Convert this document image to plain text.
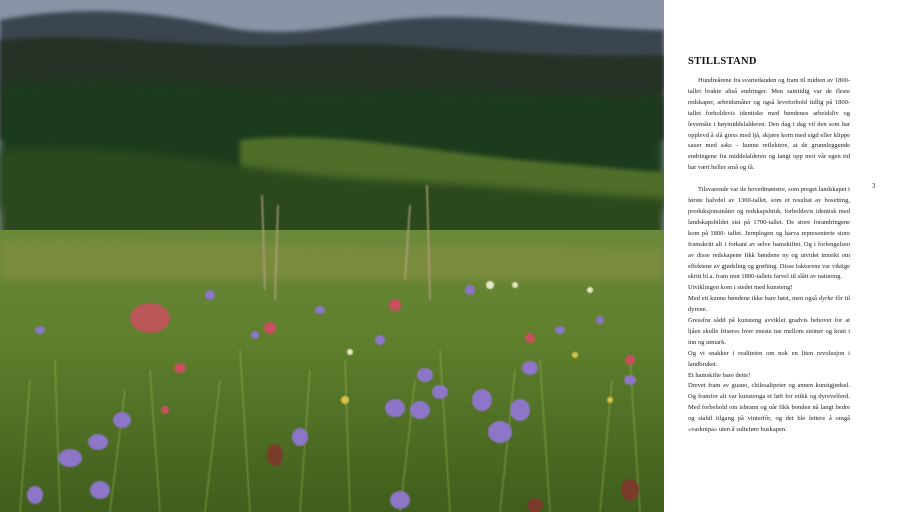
STILLSTAND

Hundreårene fra svartedauden og fram til midten av 1800-tallet brakte altså endringer. Men samtidig var de fleste redskaper, arbeidsmåter og også leveforhold tidlig på 1800-tallet forholdsvis identiske med bøndenes arbeidsliv og levemåte i høymiddelalderen. Den dag i dag vil den som har opplevd å slå gress med ljå, skjære korn med sigd eller klippe sauer med saks – kunne reflektere, at de grunnleggende endringene fra middelalderen og langt opp mot vår egen tid har vært heller små og få.

Tilsvarende var de hovedmønstre, som preget landskapet i første halvdel av 1300-tallet, som et resultat av bosetting, produksjonsmåter og redskapsbruk, forholdsvis identisk med landskapsbildet sist på 1700-tallet. De store forandringene kom på 1800- tallet. Jernplogen og harva representerte store framskritt alt i forkant av selve hamskiftet. Og i forlengelsen av disse redskapene fikk bøndene ny og utvidet innsikt om effektene av gjødsling og grøfting. Disse faktorene var viktige skritt bl.a. fram mot 1800-tallets farvel til slått av natureng.

Utviklingen kom i stedet med kunsteng!

Med ett kunne bøndene ikke bare høst, men også dyrke fôr til dyrene.

Gressfrø sådd på kunsteng avviklet gradvis behovet for at ljåen skulle friseres hver eneste tue mellom steiner og kratt i inn og utmark.

Og vi snakker i realiteten om nok en liten revolusjon i landbruket.

Et hamskifte bare dette!

Drevet fram av guano, chilesaltpeter og annen kunstgjødsel. Og framfor alt var kunstenga et løft for etikk og dyrevelferd. Med forbehold om isbrann og uår fikk bonden nå langt bedre og stabil tilgang på vinterfôr, og det ble lettere å omgå «varknipa» uten å sulteføre buskapen.

3
